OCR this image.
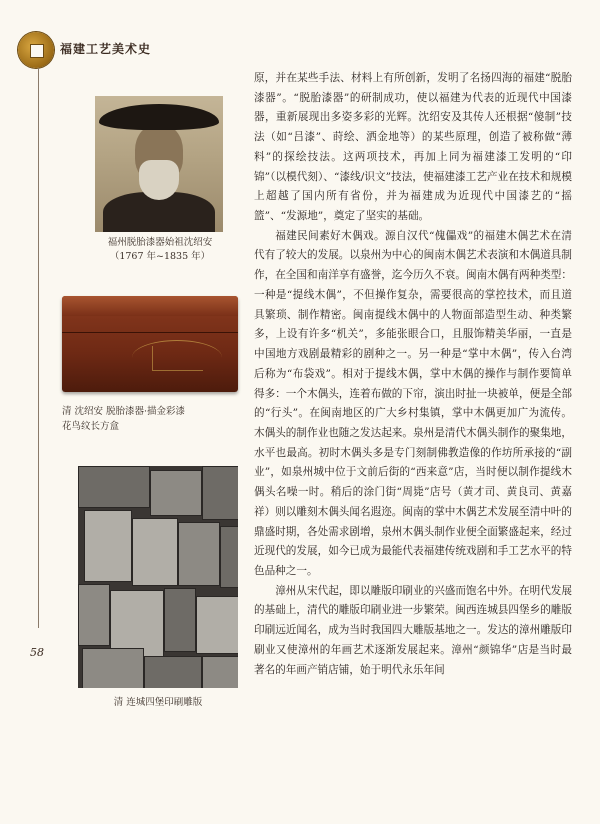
福建工艺美术史
58
福州脱胎漆器始祖沈绍安
（1767 年~1835 年）
清 沈绍安 脱胎漆器·描金彩漆
花鸟纹长方盒
清 连城四堡印刷雕版

原，并在某些手法、材料上有所创新，发明了名扬四海的福建“脱胎漆器”。“脱胎漆器”的研制成功，使以福建为代表的近现代中国漆器，重新展现出多姿多彩的光辉。沈绍安及其传人还根据“傻制”技法（如“吕漆”、莳绘、洒金地等）的某些原理，创造了被称做“薄料”的探绘技法。这两项技术，再加上同为福建漆工发明的“印锦”（以模代刻）、“漆线/识文”技法，使福建漆工艺产业在技术和规模上超越了国内所有省份，并为福建成为近现代中国漆艺的“摇篮”、“发源地”，奠定了坚实的基础。

福建民间素好木偶戏。源自汉代“傀儡戏”的福建木偶艺术在清代有了较大的发展。以泉州为中心的闽南木偶艺术表演和木偶道具制作，在全国和南洋享有盛誉，迄今历久不衰。闽南木偶有两种类型：一种是“提线木偶”，不但操作复杂，需要很高的掌控技术，而且道具繁琐、制作精密。闽南提线木偶中的人物面部造型生动、种类繁多，上设有许多“机关”，多能张眼合口，且服饰精美华丽，一直是中国地方戏剧最精彩的剧种之一。另一种是“掌中木偶”，传入台湾后称为“布袋戏”。相对于提线木偶，掌中木偶的操作与制作要简单得多：一个木偶头，连着布做的下帘，演出时扯一块被单，便是全部的“行头”。在闽南地区的广大乡村集镇，掌中木偶更加广为流传。木偶头的制作业也随之发达起来。泉州是清代木偶头制作的聚集地，水平也最高。初时木偶头多是专门刻制佛教造像的作坊所承接的“副业”，如泉州城中位于文前后街的“西来意”店，当时便以制作提线木偶头名噪一时。稍后的涂门街“周毙”店号（黄才司、黄良司、黄嘉祥）则以雕刻木偶头闻名遐迩。闽南的掌中木偶艺术发展至清中叶的鼎盛时期，各处需求剧增，泉州木偶头制作业便全面繁盛起来，经过近现代的发展，如今已成为最能代表福建传统戏剧和手工艺水平的特色品种之一。

漳州从宋代起，即以雕版印刷业的兴盛而饱名中外。在明代发展的基础上，清代的雕版印刷业进一步繁荣。闽西连城县四堡乡的雕版印刷远近闻名，成为当时我国四大雕版基地之一。发达的漳州雕版印刷业又使漳州的年画艺术逐渐发展起来。漳州“颜锦华”店是当时最著名的年画产销店铺，始于明代永乐年间
